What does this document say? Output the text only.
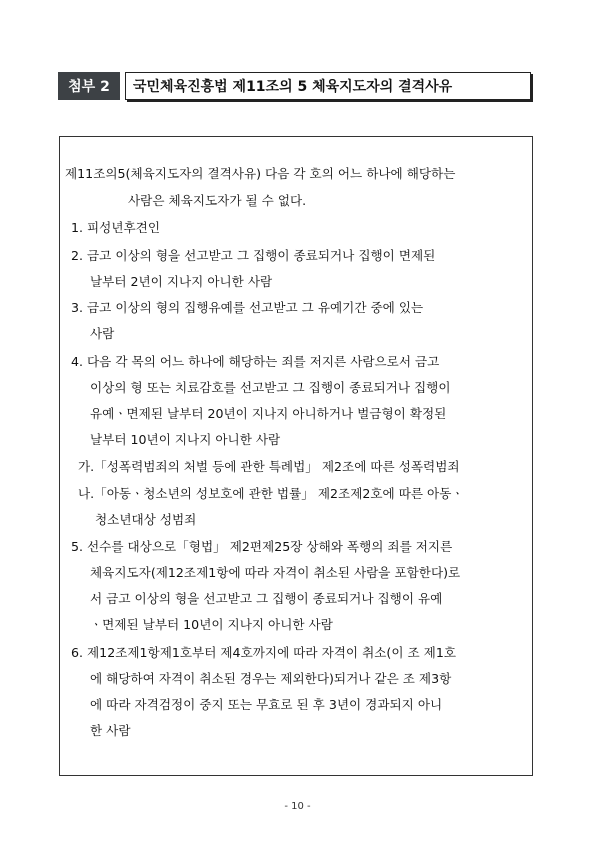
첨부 2	국민체육진흥법 제11조의 5 체육지도자의 결격사유
제11조의5(체육지도자의 결격사유) 다음 각 호의 어느 하나에 해당하는
사람은 체육지도자가 될 수 없다.
1. 피성년후견인
2. 금고 이상의 형을 선고받고 그 집행이 종료되거나 집행이 면제된
날부터 2년이 지나지 아니한 사람
3. 금고 이상의 형의 집행유예를 선고받고 그 유예기간 중에 있는
사람
4. 다음 각 목의 어느 하나에 해당하는 죄를 저지른 사람으로서 금고
이상의 형 또는 치료감호를 선고받고 그 집행이 종료되거나 집행이
유예ㆍ면제된 날부터 20년이 지나지 아니하거나 벌금형이 확정된
날부터 10년이 지나지 아니한 사람
가.「성폭력범죄의 처벌 등에 관한 특례법」 제2조에 따른 성폭력범죄
나.「아동ㆍ청소년의 성보호에 관한 법률」 제2조제2호에 따른 아동ㆍ
청소년대상 성범죄
5. 선수를 대상으로「형법」 제2편제25장 상해와 폭행의 죄를 저지른
체육지도자(제12조제1항에 따라 자격이 취소된 사람을 포함한다)로
서 금고 이상의 형을 선고받고 그 집행이 종료되거나 집행이 유예
ㆍ면제된 날부터 10년이 지나지 아니한 사람
6. 제12조제1항제1호부터 제4호까지에 따라 자격이 취소(이 조 제1호
에 해당하여 자격이 취소된 경우는 제외한다)되거나 같은 조 제3항
에 따라 자격검정이 중지 또는 무효로 된 후 3년이 경과되지 아니
한 사람
- 10 -
